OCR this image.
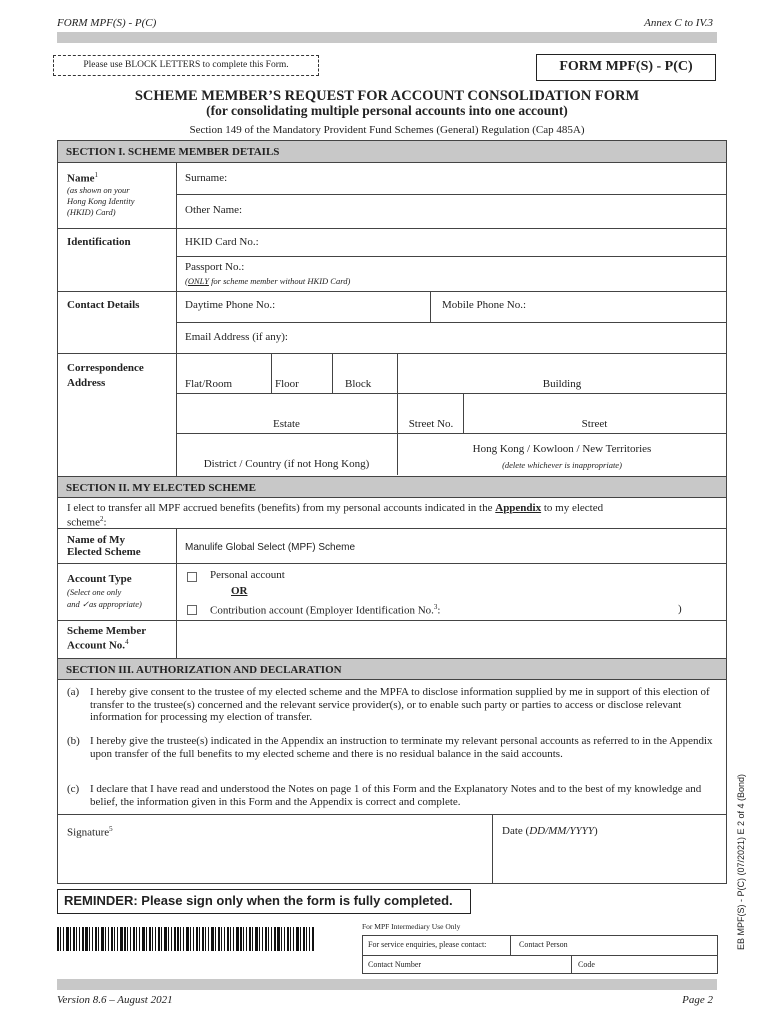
FORM MPF(S) - P(C)	Annex C to IV.3
Please use BLOCK LETTERS to complete this Form.	FORM MPF(S) - P(C)
SCHEME MEMBER’S REQUEST FOR ACCOUNT CONSOLIDATION FORM
(for consolidating multiple personal accounts into one account)
Section 149 of the Mandatory Provident Fund Schemes (General) Regulation (Cap 485A)
SECTION I. SCHEME MEMBER DETAILS
Name$^1$
(as shown on your
Hong Kong Identity
(HKID) Card)
Surname:
Other Name:
Identification	HKID Card No.:
Passport No.:
(ONLY for scheme member without HKID Card)
Contact Details	Daytime Phone No.:	Mobile Phone No.:
Email Address (if any):
Correspondence
Address	Flat/Room	Floor	Block	Building
Estate	Street No.	Street
District / Country (if not Hong Kong)
Hong Kong / Kowloon / New Territories
(delete whichever is inappropriate)
SECTION II. MY ELECTED SCHEME
I elect to transfer all MPF accrued benefits (benefits) from my personal accounts indicated in the Appendix to my elected
scheme$^2$:
Name of My
Elected Scheme	Manulife Global Select (MPF) Scheme
Account Type
(Select one only
and ✓as appropriate)
Personal account
OR
Contribution account (Employer Identification No.$^3$:	)
Scheme Member
Account No.$^4$
SECTION III. AUTHORIZATION AND DECLARATION
(a) I hereby give consent to the trustee of my elected scheme and the MPFA to disclose information supplied by me in support of this election of transfer to the trustee(s) concerned and the relevant service provider(s), or to enable such party or parties to access or disclose relevant information for processing my election of transfer.
(b) I hereby give the trustee(s) indicated in the Appendix an instruction to terminate my relevant personal accounts as referred to in the Appendix upon transfer of the full benefits to my elected scheme and there is no residual balance in the said accounts.
(c) I declare that I have read and understood the Notes on page 1 of this Form and the Explanatory Notes and to the best of my knowledge and belief, the information given in this Form and the Appendix is correct and complete.
Signature$^5$	Date (DD/MM/YYYY)
REMINDER: Please sign only when the form is fully completed.
For MPF Intermediary Use Only
For service enquiries, please contact:	Contact Person
Contact Number	Code
EB MPF(S) - P(C) (07/2021) E 2 of 4 (Bond)
Version 8.6 – August 2021	Page 2
